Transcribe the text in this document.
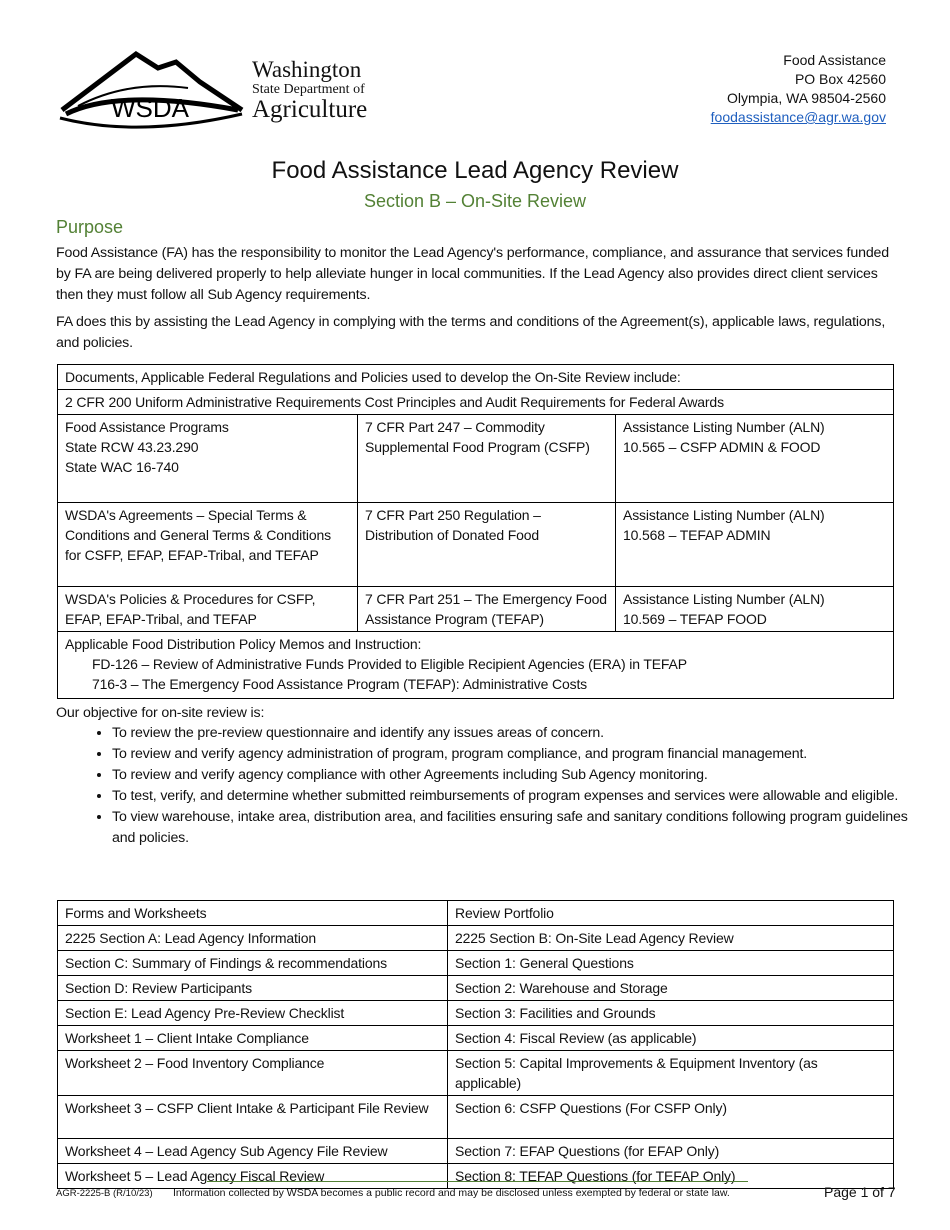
WSDA
Washington
State Department of
Agriculture
Food Assistance
PO Box 42560
Olympia, WA 98504-2560
foodassistance@agr.wa.gov
Food Assistance Lead Agency Review
Section B – On-Site Review
Purpose
Food Assistance (FA) has the responsibility to monitor the Lead Agency's performance, compliance, and assurance that services funded by FA are being delivered properly to help alleviate hunger in local communities. If the Lead Agency also provides direct client services then they must follow all Sub Agency requirements.
FA does this by assisting the Lead Agency in complying with the terms and conditions of the Agreement(s), applicable laws, regulations, and policies.
Documents, Applicable Federal Regulations and Policies used to develop the On-Site Review include:		
2 CFR 200 Uniform Administrative Requirements Cost Principles and Audit Requirements for Federal Awards		
Food Assistance Programs
State RCW 43.23.290
State WAC 16-740	7 CFR Part 247 – Commodity Supplemental Food Program (CSFP)	Assistance Listing Number (ALN)
10.565 – CSFP ADMIN & FOOD
WSDA's Agreements – Special Terms & Conditions and General Terms & Conditions for CSFP, EFAP, EFAP-Tribal, and TEFAP	7 CFR Part 250 Regulation – Distribution of Donated Food	Assistance Listing Number (ALN)
10.568 – TEFAP ADMIN
WSDA's Policies & Procedures for CSFP, EFAP, EFAP-Tribal, and TEFAP	7 CFR Part 251 – The Emergency Food Assistance Program (TEFAP)	Assistance Listing Number (ALN)
10.569 – TEFAP FOOD

Applicable Food Distribution Policy Memos and Instruction:
FD-126 – Review of Administrative Funds Provided to Eligible Recipient Agencies (ERA) in TEFAP
716-3 – The Emergency Food Assistance Program (TEFAP): Administrative Costs		
Our objective for on-site review is:
• To review the pre-review questionnaire and identify any issues areas of concern.
• To review and verify agency administration of program, program compliance, and program financial management.
• To review and verify agency compliance with other Agreements including Sub Agency monitoring.
• To test, verify, and determine whether submitted reimbursements of program expenses and services were allowable and eligible.
• To view warehouse, intake area, distribution area, and facilities ensuring safe and sanitary conditions following program guidelines and policies.
Forms and Worksheets	Review Portfolio
2225 Section A: Lead Agency Information	2225 Section B: On-Site Lead Agency Review
Section C: Summary of Findings & recommendations	Section 1: General Questions
Section D: Review Participants	Section 2: Warehouse and Storage
Section E: Lead Agency Pre-Review Checklist	Section 3: Facilities and Grounds
Worksheet 1 – Client Intake Compliance	Section 4: Fiscal Review (as applicable)
Worksheet 2 – Food Inventory Compliance	Section 5: Capital Improvements & Equipment Inventory (as applicable)
Worksheet 3 – CSFP Client Intake & Participant File Review	Section 6: CSFP Questions (For CSFP Only)
Worksheet 4 – Lead Agency Sub Agency File Review	Section 7: EFAP Questions (for EFAP Only)
Worksheet 5 – Lead Agency Fiscal Review	Section 8: TEFAP Questions (for TEFAP Only)
AGR-2225-B (R/10/23) Information collected by WSDA becomes a public record and may be disclosed unless exempted by federal or state law.	Page 1 of 7
